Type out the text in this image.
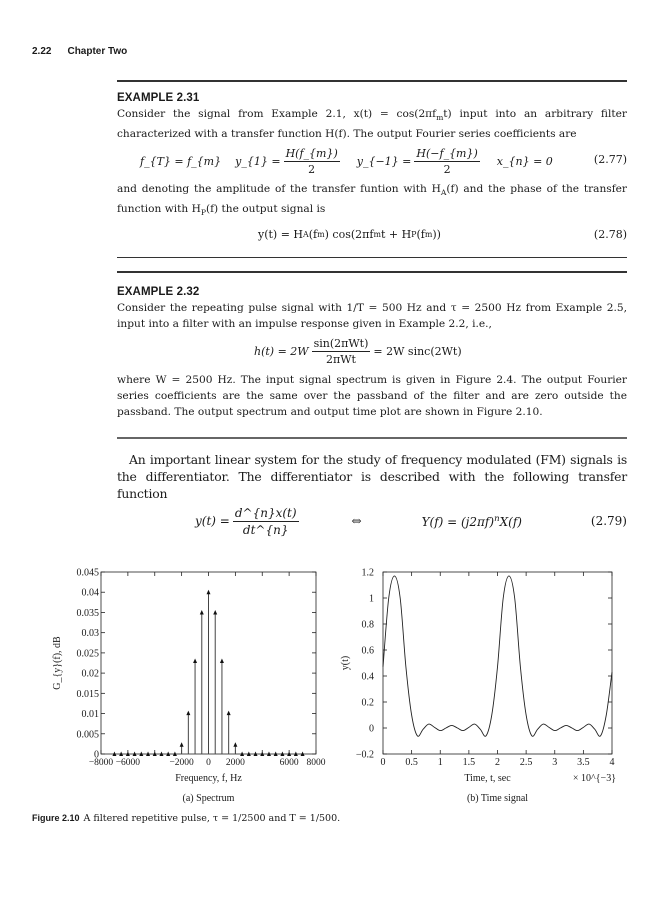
2.22 Chapter Two
EXAMPLE 2.31
Consider the signal from Example 2.1, $x(t) = \cos(2\pi f_mt)$ input into an arbitrary filter characterized with a transfer function H(f). The output Fourier series coefficients are
f_{T} = f_{m} y_{1} = $\frac{H(f\_\{m\})}{2}$ y_{−1} = $\frac{H(-f\_\{m\})}{2}$ x_{n} = 0	(2.77)
and denoting the amplitude of the transfer funtion with $H_A(f)$ and the phase of the transfer function with $H_P(f)$ the output signal is
y(t) = H A (f m ) cos(2πf m t + H P (f m ))	(2.78)
EXAMPLE 2.32
Consider the repeating pulse signal with 1/T = 500 Hz and τ = 2500 Hz from Example 2.5, input into a filter with an impulse response given in Example 2.2, i.e.,
$h(t) = 2W \frac{\text{sin(2πWt)}}{\text{2πWt}} = 2W$ sinc(2Wt)
where W = 2500 Hz. The input signal spectrum is given in Figure 2.4. The output Fourier series coefficients are the same over the passband of the filter and are zero outside the passband. The output spectrum and output time plot are shown in Figure 2.10.
An important linear system for the study of frequency modulated (FM) signals is the differentiator. The differentiator is described with the following transfer function
$y(t) = \frac{d\^{}\{n\}x(t)}{dt\^{}\{n\}}$	⇔	$Y(f) = (j2\pi f)^nX(f)$	(2.79)
0
0.005
0.01
0.015
0.02
0.025
0.03
0.035
0.04
0.045
−8000 −6000	−2000 0 2000	6000 8000
Frequency, f, Hz
G_{y}(f), dB
(a) Spectrum
−0.2
0
0.2
0.4
0.6
0.8
1
1.2
0 0.5 1 1.5 2 2.5 3 3.5 4
Time, t, sec	× 10^{−3}
y(t)
(b) Time signal
Figure 2.10 A filtered repetitive pulse, τ = 1/2500 and T = 1/500.
